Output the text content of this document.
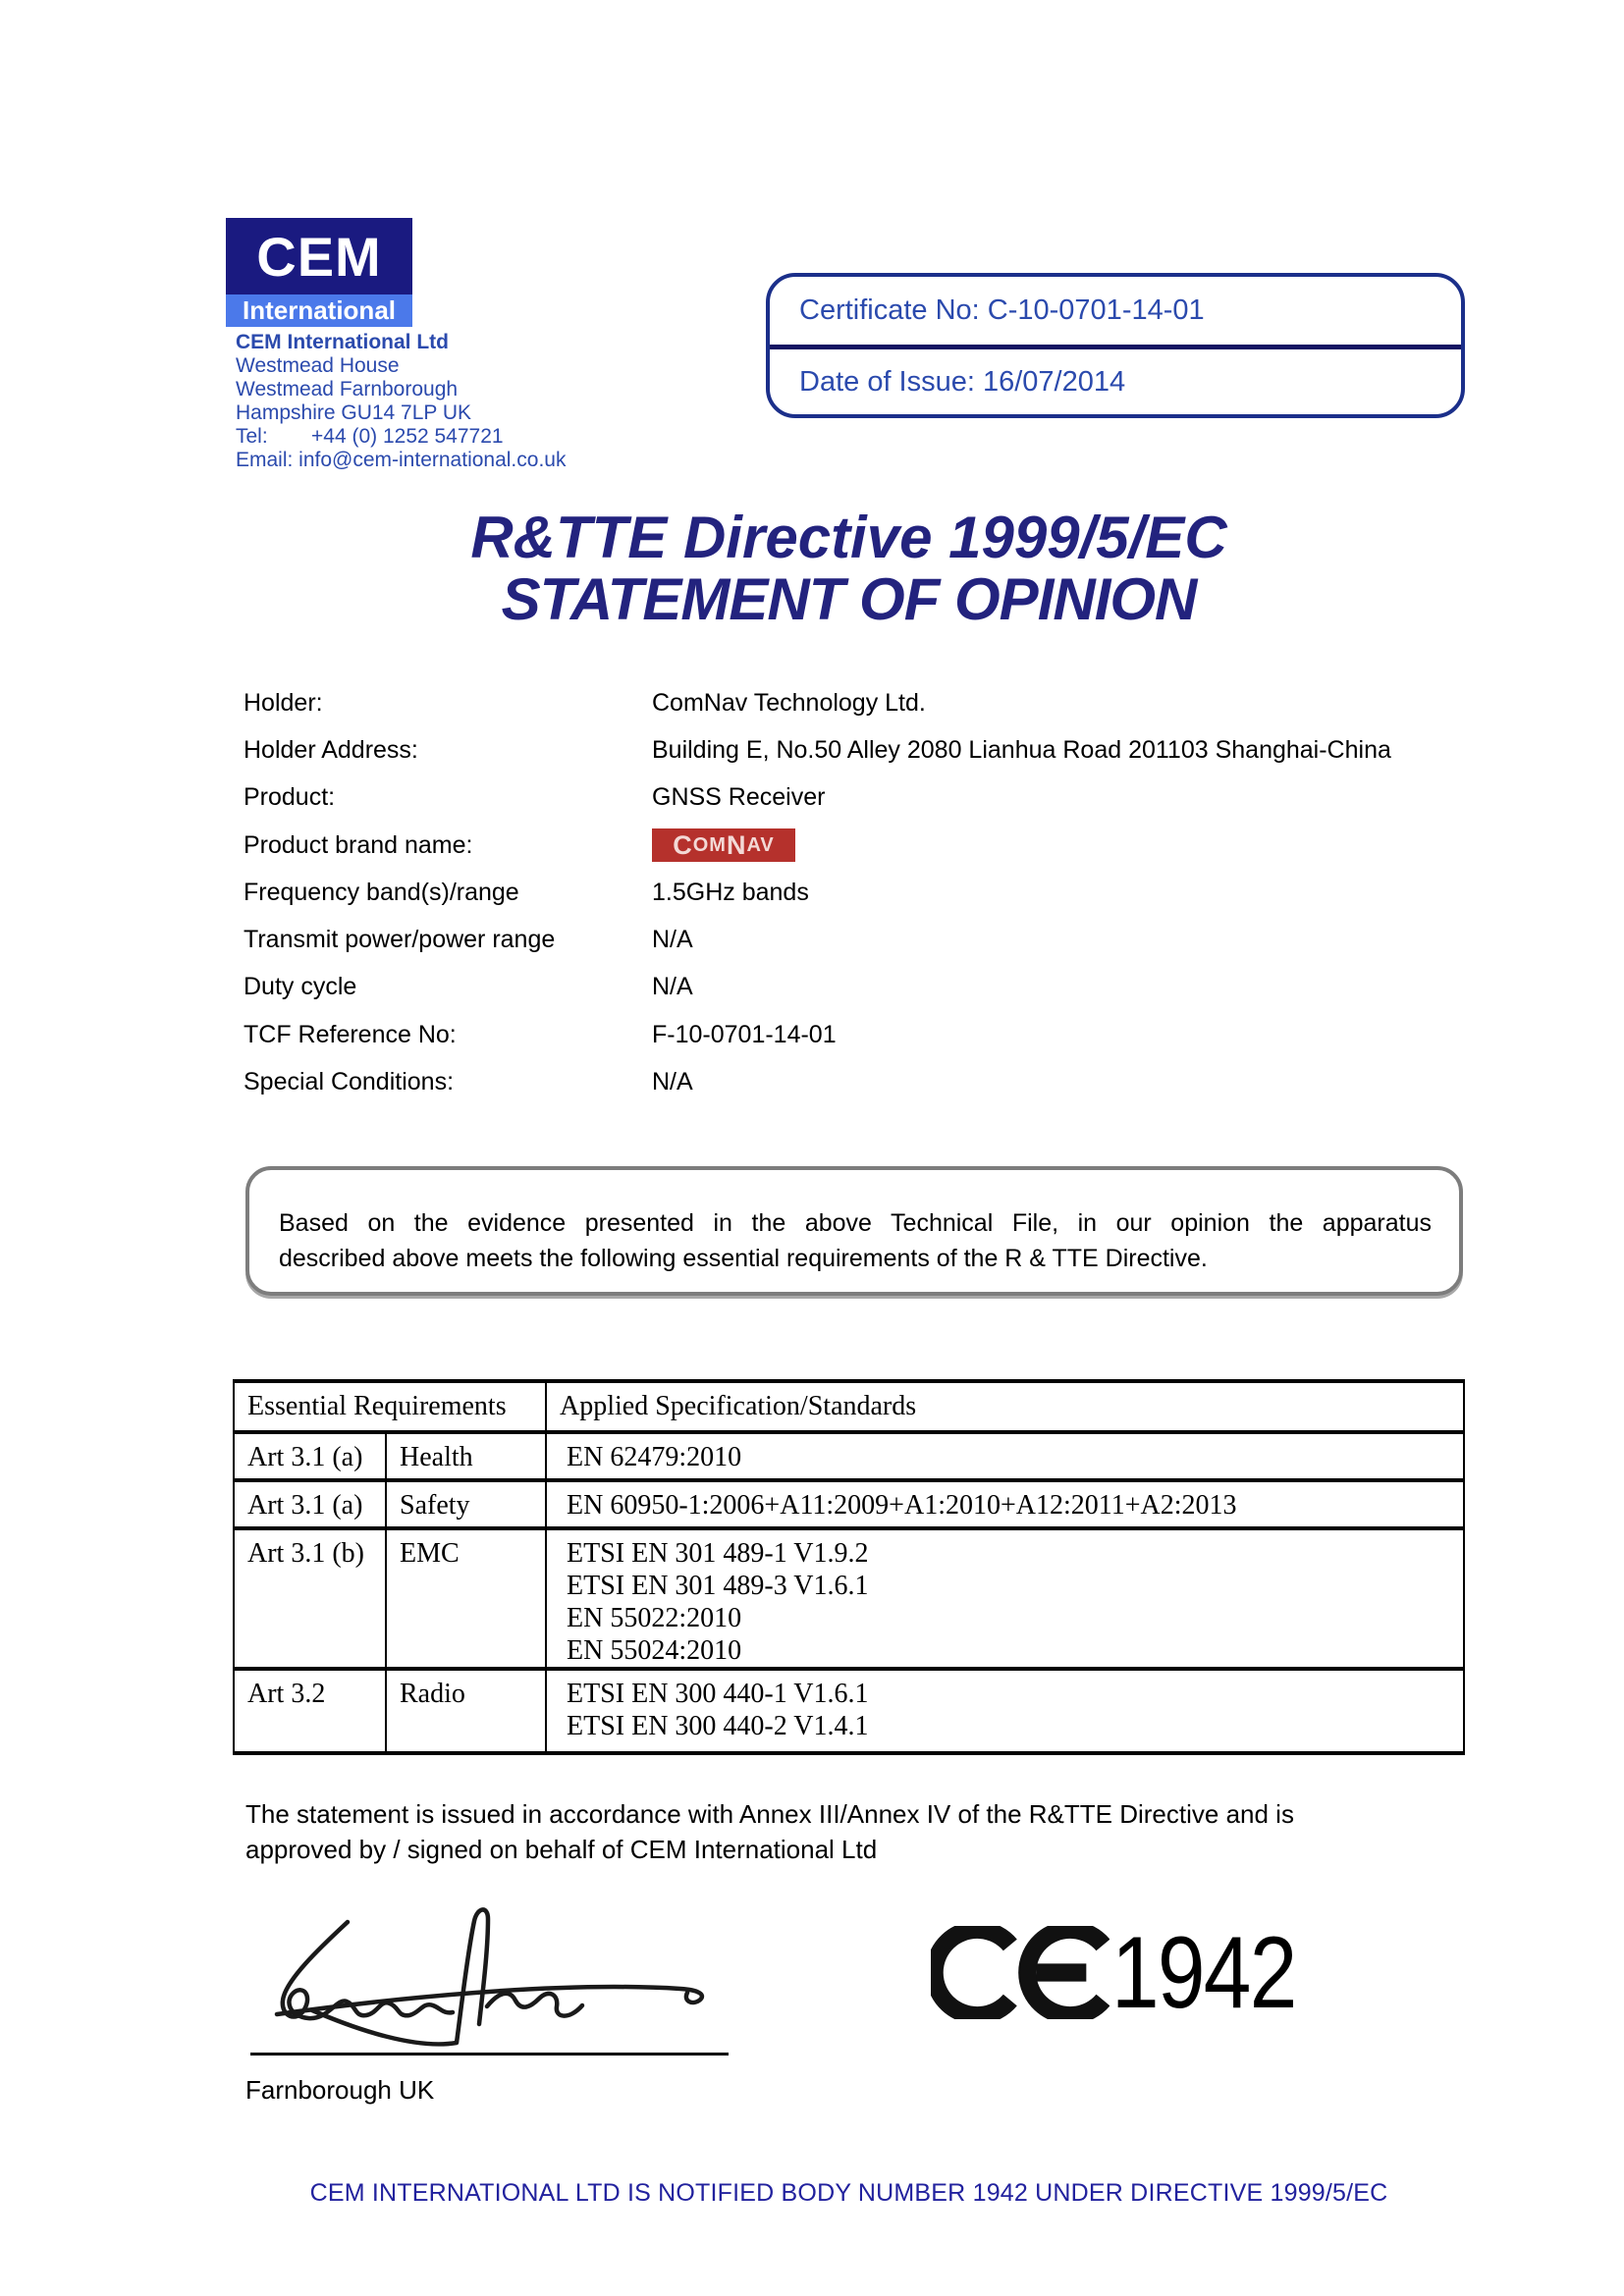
CEM
International
CEM International Ltd
Westmead House
Westmead Farnborough
Hampshire GU14 7LP UK
Tel: +44 (0) 1252 547721
Email: info@cem-international.co.uk
Certificate No: C-10-0701-14-01
Date of Issue: 16/07/2014
R&TTE Directive 1999/5/EC
STATEMENT OF OPINION
Holder:	ComNav Technology Ltd.
Holder Address:	Building E, No.50 Alley 2080 Lianhua Road 201103 Shanghai-China
Product:	GNSS Receiver
Product brand name:	C OM N AV
Frequency band(s)/range	1.5GHz bands
Transmit power/power range	N/A
Duty cycle	N/A
TCF Reference No:	F-10-0701-14-01
Special Conditions:	N/A
Based on the evidence presented in the above Technical File, in our opinion the apparatus
described above meets the following essential requirements of the R & TTE Directive.
Essential Requirements		Applied Specification/Standards
Art 3.1 (a)	Health	EN 62479:2010

Art 3.1 (a)	Safety	EN 60950-1:2006+A11:2009+A1:2010+A12:2011+A2:2013

Art 3.1 (b)	EMC	ETSI EN 301 489-1 V1.9.2
ETSI EN 301 489-3 V1.6.1
EN 55022:2010
EN 55024:2010

Art 3.2	Radio	ETSI EN 300 440-1 V1.6.1
ETSI EN 300 440-2 V1.4.1
The statement is issued in accordance with Annex III/Annex IV of the R&TTE Directive and is
approved by / signed on behalf of CEM International Ltd
Farnborough UK
1942
CEM INTERNATIONAL LTD IS NOTIFIED BODY NUMBER 1942 UNDER DIRECTIVE 1999/5/EC
